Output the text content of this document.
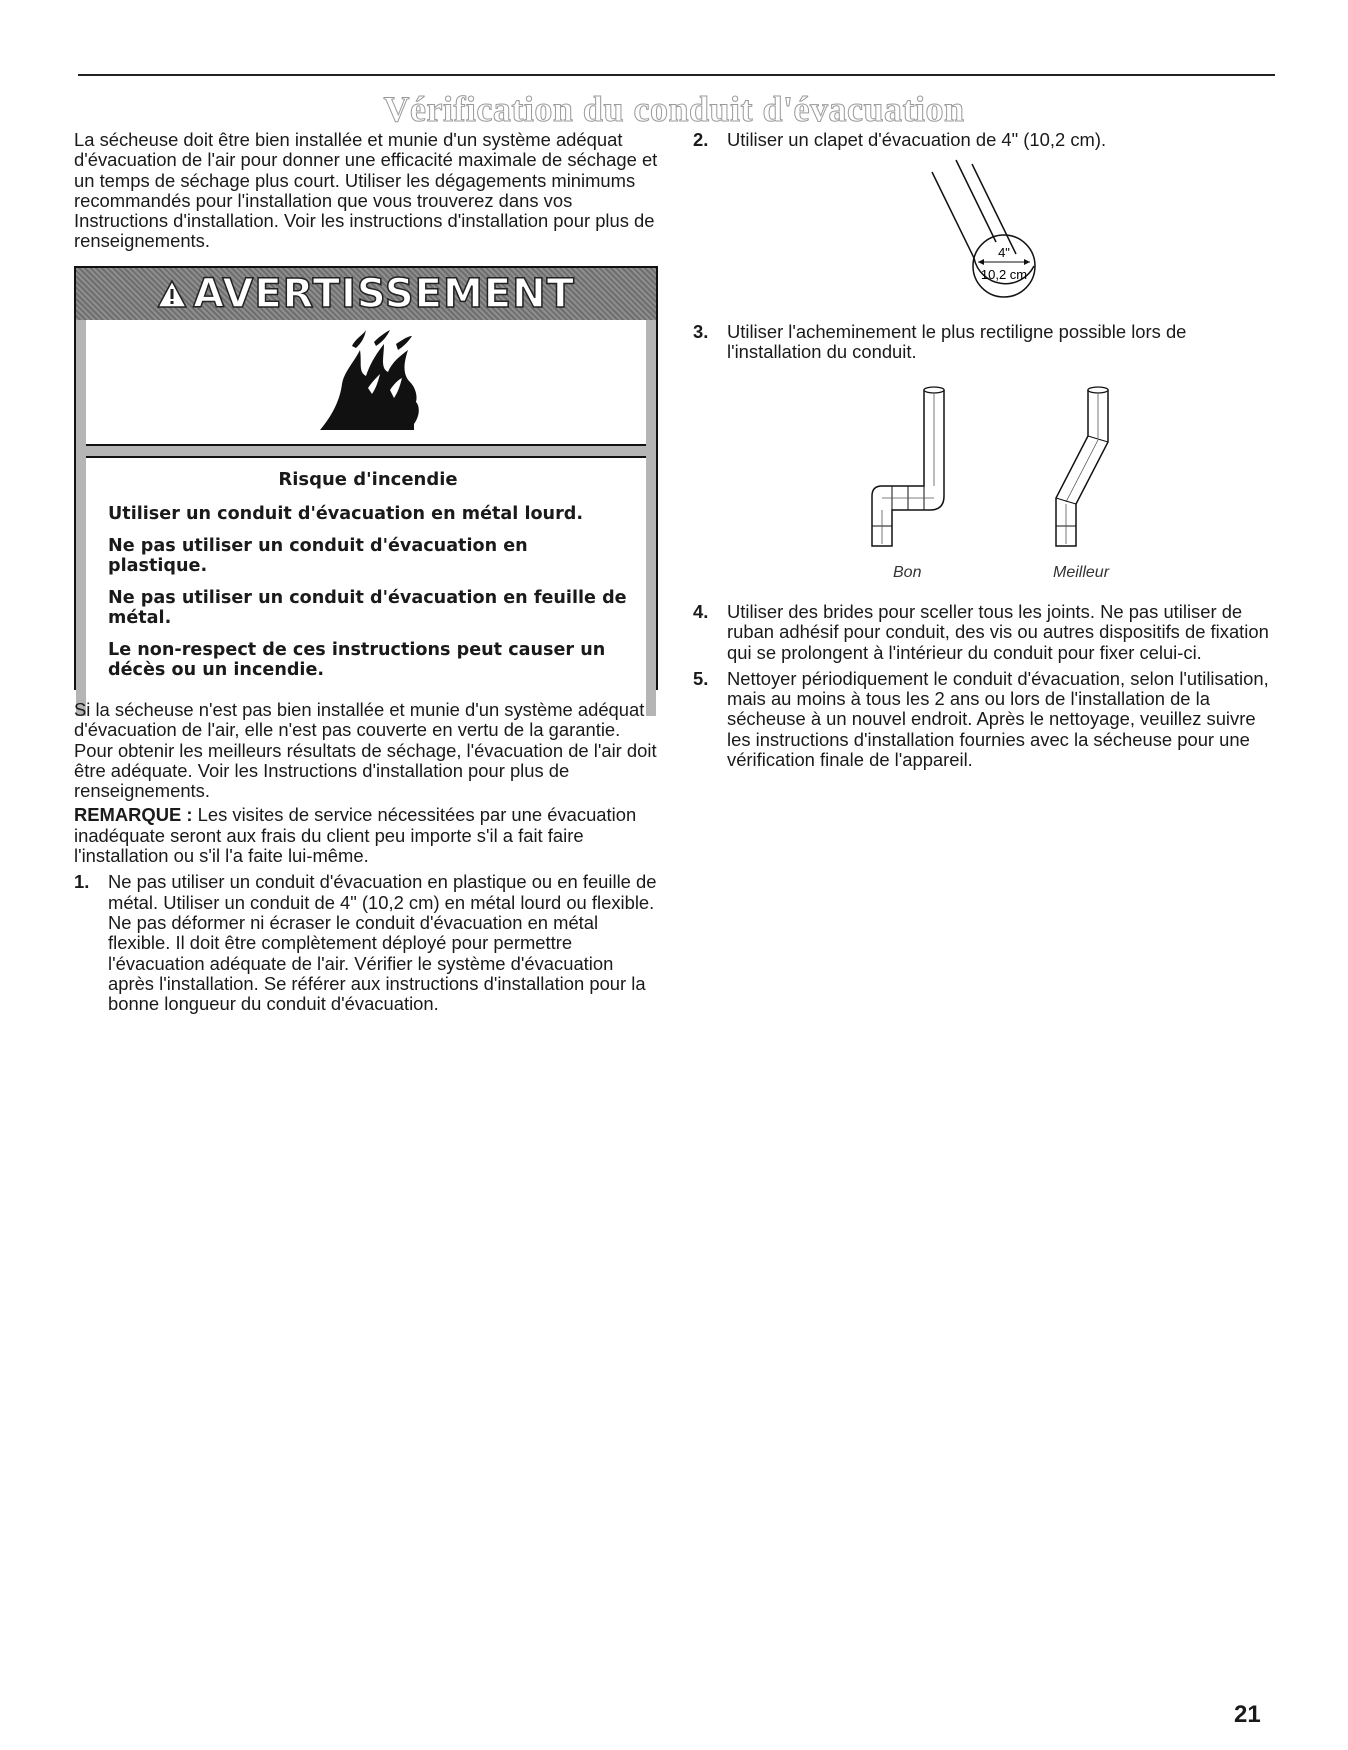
Vérification du conduit d'évacuation

La sécheuse doit être bien installée et munie d'un système adéquat d'évacuation de l'air pour donner une efficacité maximale de séchage et un temps de séchage plus court. Utiliser les dégagements minimums recommandés pour l'installation que vous trouverez dans vos Instructions d'installation. Voir les instructions d'installation pour plus de renseignements.

AVERTISSEMENT
Risque d'incendie
Utiliser un conduit d'évacuation en métal lourd.
Ne pas utiliser un conduit d'évacuation en plastique.
Ne pas utiliser un conduit d'évacuation en feuille de métal.
Le non-respect de ces instructions peut causer un décès ou un incendie.

Si la sécheuse n'est pas bien installée et munie d'un système adéquat d'évacuation de l'air, elle n'est pas couverte en vertu de la garantie. Pour obtenir les meilleurs résultats de séchage, l'évacuation de l'air doit être adéquate. Voir les Instructions d'installation pour plus de renseignements.

REMARQUE : Les visites de service nécessitées par une évacuation inadéquate seront aux frais du client peu importe s'il a fait faire l'installation ou s'il l'a faite lui-même.

1. Ne pas utiliser un conduit d'évacuation en plastique ou en feuille de métal. Utiliser un conduit de 4" (10,2 cm) en métal lourd ou flexible. Ne pas déformer ni écraser le conduit d'évacuation en métal flexible. Il doit être complètement déployé pour permettre l'évacuation adéquate de l'air. Vérifier le système d'évacuation après l'installation. Se référer aux instructions d'installation pour la bonne longueur du conduit d'évacuation.
2. Utiliser un clapet d'évacuation de 4" (10,2 cm).
4"
10,2 cm
3. Utiliser l'acheminement le plus rectiligne possible lors de l'installation du conduit.
Bon	Meilleur
4. Utiliser des brides pour sceller tous les joints. Ne pas utiliser de ruban adhésif pour conduit, des vis ou autres dispositifs de fixation qui se prolongent à l'intérieur du conduit pour fixer celui-ci.
5. Nettoyer périodiquement le conduit d'évacuation, selon l'utilisation, mais au moins à tous les 2 ans ou lors de l'installation de la sécheuse à un nouvel endroit. Après le nettoyage, veuillez suivre les instructions d'installation fournies avec la sécheuse pour une vérification finale de l'appareil.
21
